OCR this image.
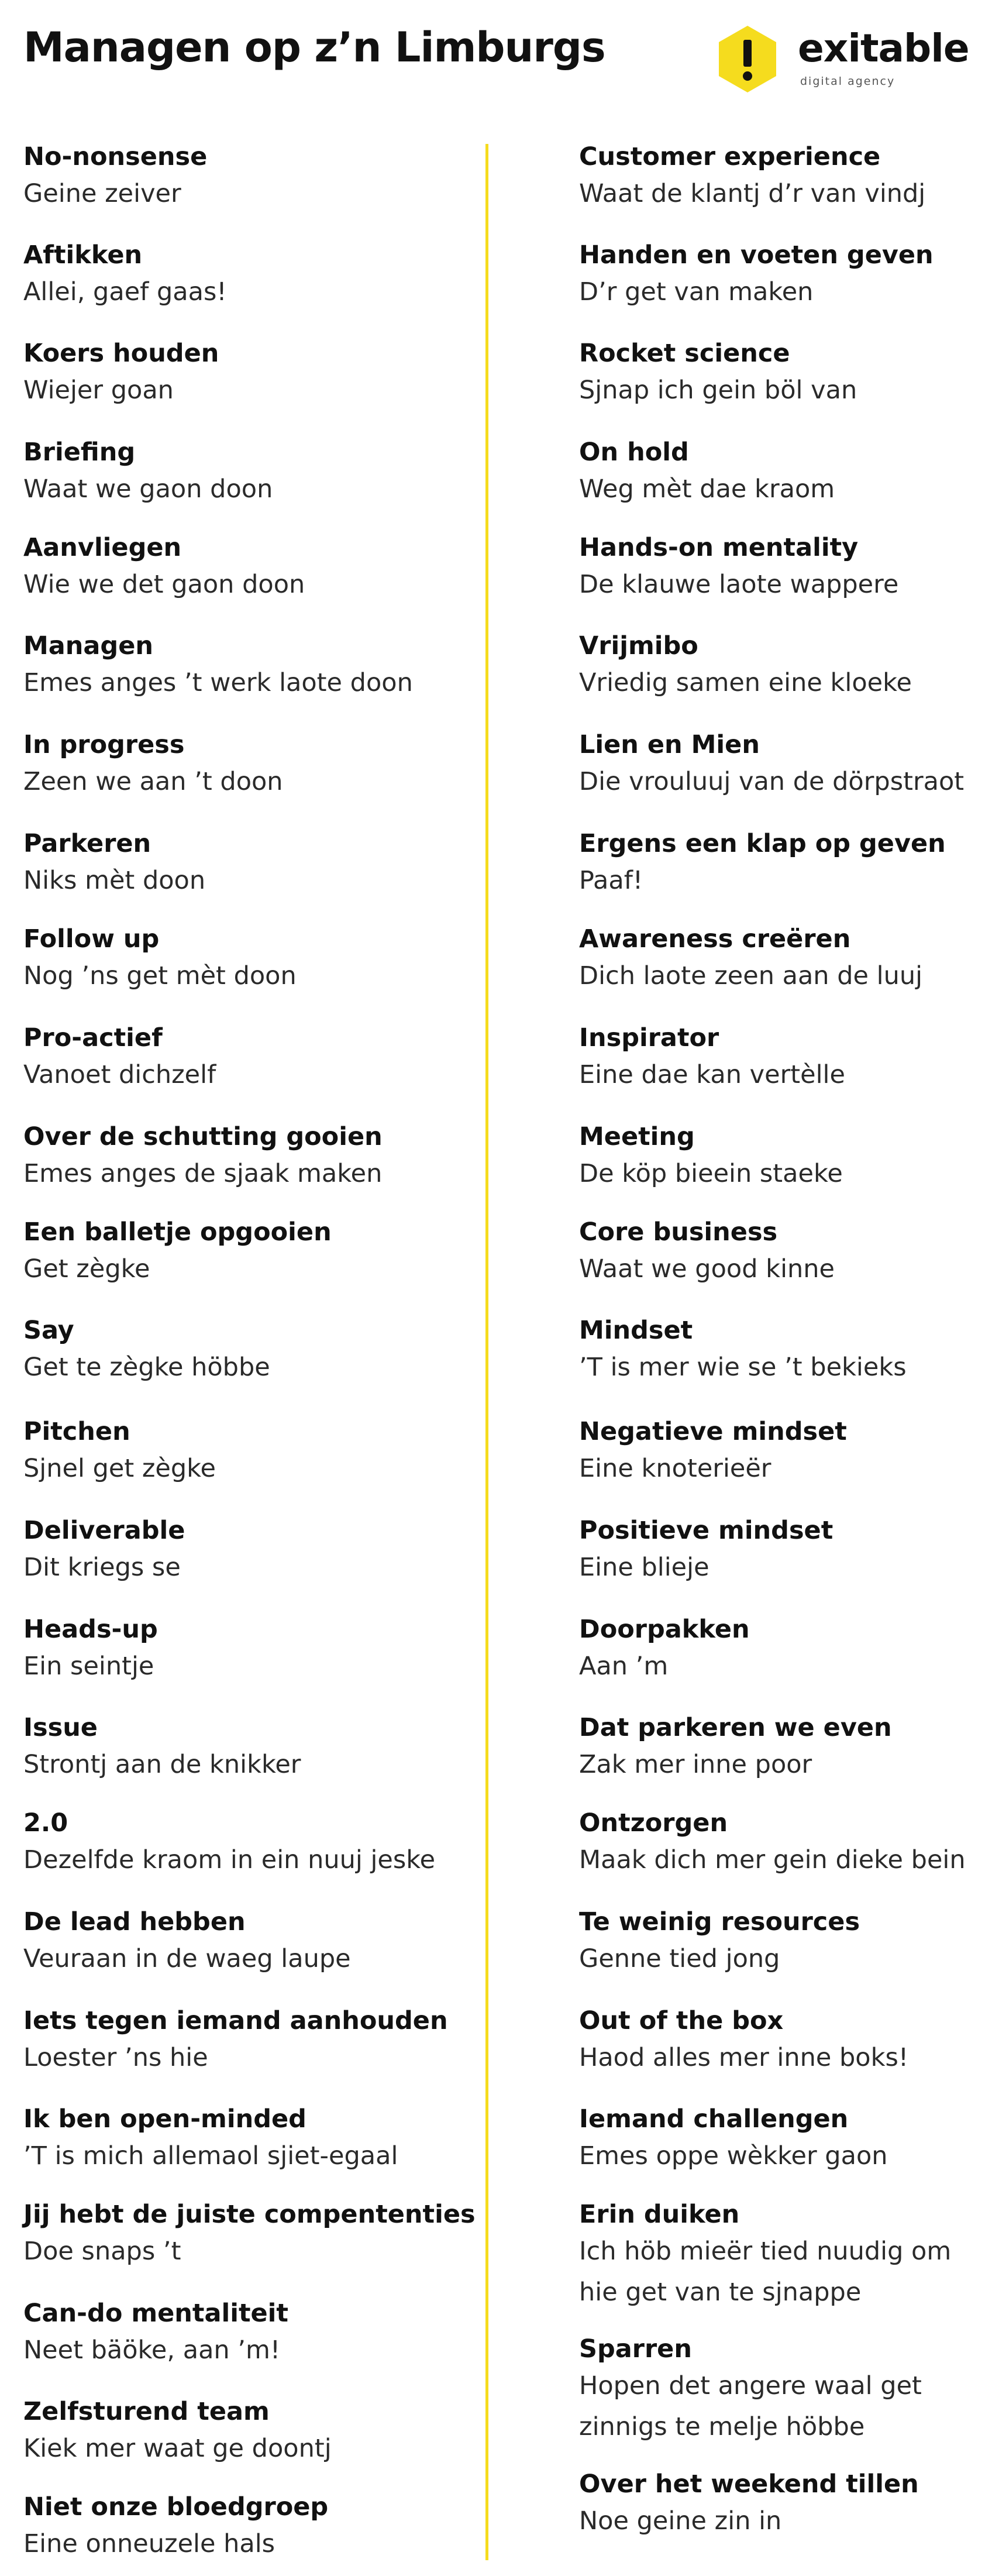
Managen op z’n Limburgs	exitable
digital agency
No-nonsense
Geine zeiver
Aftikken
Allei, gaef gaas!
Koers houden
Wiejer goan
Briefing
Waat we gaon doon
Aanvliegen
Wie we det gaon doon
Managen
Emes anges ’t werk laote doon
In progress
Zeen we aan ’t doon
Parkeren
Niks mèt doon
Follow up
Nog ’ns get mèt doon
Pro-actief
Vanoet dichzelf
Over de schutting gooien
Emes anges de sjaak maken
Een balletje opgooien
Get zègke
Say
Get te zègke höbbe
Pitchen
Sjnel get zègke
Deliverable
Dit kriegs se
Heads-up
Ein seintje
Issue
Strontj aan de knikker
2.0
Dezelfde kraom in ein nuuj jeske
De lead hebben
Veuraan in de waeg laupe
Iets tegen iemand aanhouden
Loester ’ns hie
Ik ben open-minded
’T is mich allemaol sjiet-egaal
Jij hebt de juiste compententies
Doe snaps ’t
Can-do mentaliteit
Neet bäöke, aan ’m!
Zelfsturend team
Kiek mer waat ge doontj
Niet onze bloedgroep
Eine onneuzele hals
Customer experience
Waat de klantj d’r van vindj
Handen en voeten geven
D’r get van maken
Rocket science
Sjnap ich gein böl van
On hold
Weg mèt dae kraom
Hands-on mentality
De klauwe laote wappere
Vrijmibo
Vriedig samen eine kloeke
Lien en Mien
Die vrouluuj van de dörpstraot
Ergens een klap op geven
Paaf!
Awareness creëren
Dich laote zeen aan de luuj
Inspirator
Eine dae kan vertèlle
Meeting
De köp bieein staeke
Core business
Waat we good kinne
Mindset
’T is mer wie se ’t bekieks
Negatieve mindset
Eine knoterieër
Positieve mindset
Eine blieje
Doorpakken
Aan ’m
Dat parkeren we even
Zak mer inne poor
Ontzorgen
Maak dich mer gein dieke bein
Te weinig resources
Genne tied jong
Out of the box
Haod alles mer inne boks!
Iemand challengen
Emes oppe wèkker gaon
Erin duiken
Ich höb mieër tied nuudig om
hie get van te sjnappe
Sparren
Hopen det angere waal get
zinnigs te melje höbbe
Over het weekend tillen
Noe geine zin in
